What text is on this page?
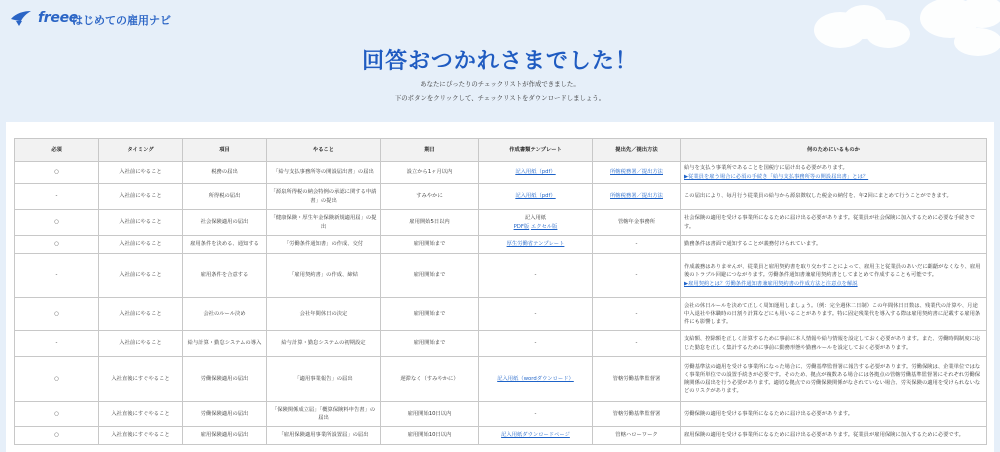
freee
はじめての雇用ナビ
回答おつかれさまでした！
あなたにぴったりのチェックリストが作成できました。
下のボタンをクリックして、チェックリストをダウンロードしましょう。
必須	タイミング	項目	やること	期日	作成書類テンプレート	提出先／提出方法	何のためにいるものか
○	入社前にやること	税務の届出	「給与支払事務所等の開設届出書」の届出	設立から1ヶ月以内	記入用紙（pdf）	所轄税務署／提出方法	給与を支払う事業所であることを国税庁に届け出る必要があります。
▶従業員を雇う場合に必須の手続き「給与支払事務所等の開設届出書」とは？
-	入社前にやること	所得税の届出	「源泉所得税の納会特例の承認に関する申請書」の提出	すみやかに	記入用紙（pdf）	所轄税務署／提出方法	この届出により、毎月行う従業員の給与から源泉徴収した税金の納付を、年2回にまとめて行うことができます。
○	入社前にやること	社会保険適用の届出	「健康保険・厚生年金保険新規適用届」の提出	雇用開始5日以内	記入用紙
PDF版 エクセル版	管轄年金事務所	社会保険の適用を受ける事業所になるために届け出る必要があります。従業員が社会保険に加入するために必要な手続きです。
○	入社前にやること	雇用条件を決める、通知する	「労働条件通知書」の作成、交付	雇用開始まで	厚生労働省テンプレート	-	勤務条件は書面で通知することが義務付けられています。
-	入社前にやること	雇用条件を合意する	「雇用契約書」の作成、締結	雇用開始まで	-	-	作成義務はありませんが、従業員と雇用契約書を取り交わすことによって、雇用主と従業員のあいだに齟齬がなくなり、雇用後のトラブル回避につながります。労働条件通知書兼雇用契約書としてまとめて作成することも可能です。
▶雇用契約とは？労働条件通知書兼雇用契約書の作成方法と注意点を解説
○	入社前にやること	会社のルール決め	会社年間休日の決定	雇用開始まで	-	-	会社の休日ルールを決めて正しく周知運用しましょう。（例：完全週休二日制）この年間休日日数は、残業代の計算や、月途中入退社や休職時の日割り計算などにも用いることがあります。特に固定残業代を導入する際は雇用契約書に記載する雇用条件にも影響します。
-	入社前にやること	給与計算・勤怠システムの導入	給与計算・勤怠システムの初期設定	雇用開始まで	-	-	支給額、控除額を正しく計算するために事前に本人情報や給与情報を設定しておく必要があります。また、労働時間制度に応じた勤怠を正しく集計するために事前に勤務形態や勤務ルールを設定しておく必要があります。
○	入社直後にすぐやること	労働保険適用の届出	「適用事業報告」の届出	遅滞なく（すみやかに）	記入用紙（wordダウンロード）	管轄労働基準監督署	労働基準法の適用を受ける事業所になった場合に、労働基準監督署に報告する必要があります。労働保険は、企業単位ではなく事業所単位での設置手続きが必要です。そのため、拠点が複数ある場合には各拠点の管轄労働基準監督署にそれぞれ労働保険関係の届出を行う必要があります。適切な拠点での労働保険関係がなされていない場合、労災保険の適用を受けられないなどのリスクがあります。
○	入社直後にすぐやること	労働保険適用の届出	「保険関係成立届」「概算保険料申告書」の届出	雇用開始10日以内	-	管轄労働基準監督署	労働保険の適用を受ける事業所になるために届け出る必要があります。
○	入社直後にすぐやること	雇用保険適用の届出	「雇用保険適用事業所設置届」の届出	雇用開始10日以内	記入用紙ダウンロードページ	管轄ハローワーク	雇用保険の適用を受ける事業所になるために届け出る必要があります。従業員が雇用保険に加入するために必要です。
